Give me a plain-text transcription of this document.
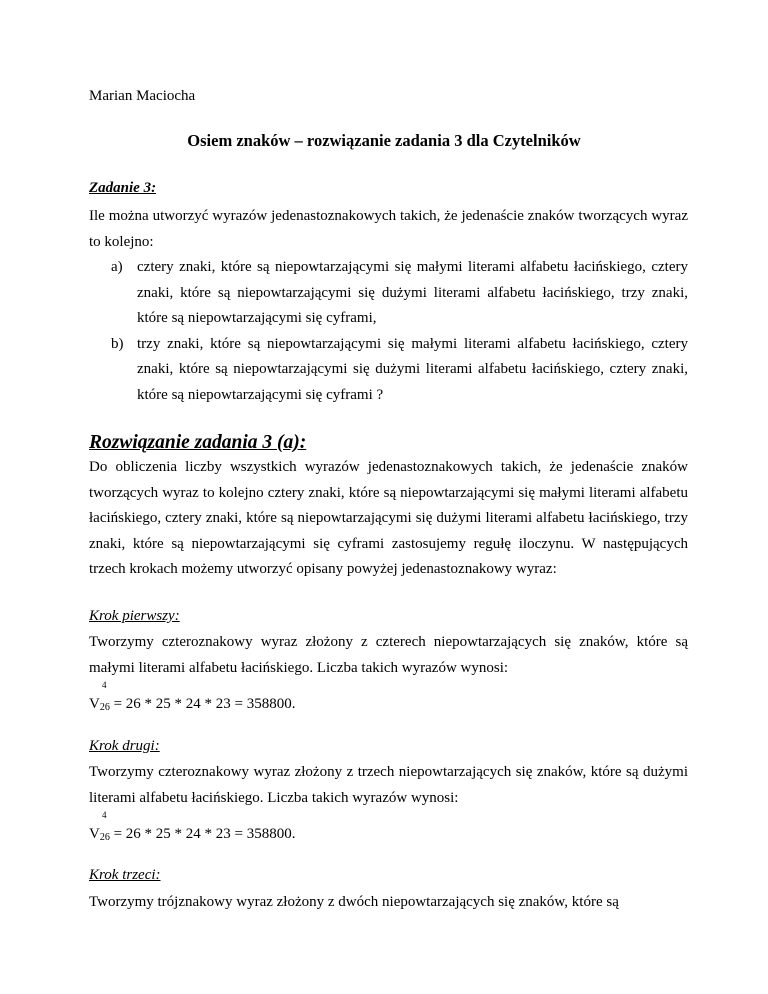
Marian Maciocha
Osiem znaków – rozwiązanie zadania 3 dla Czytelników
Zadanie 3:

Ile można utworzyć wyrazów jedenastoznakowych takich, że jedenaście znaków tworzących wyraz to kolejno:

a) cztery znaki, które są niepowtarzającymi się małymi literami alfabetu łacińskiego, cztery znaki, które są niepowtarzającymi się dużymi literami alfabetu łacińskiego, trzy znaki, które są niepowtarzającymi się cyframi,
b) trzy znaki, które są niepowtarzającymi się małymi literami alfabetu łacińskiego, cztery znaki, które są niepowtarzającymi się dużymi literami alfabetu łacińskiego, cztery znaki, które są niepowtarzającymi się cyframi ?
Rozwiązanie zadania 3 (a):

Do obliczenia liczby wszystkich wyrazów jedenastoznakowych takich, że jedenaście znaków tworzących wyraz to kolejno cztery znaki, które są niepowtarzającymi się małymi literami alfabetu łacińskiego, cztery znaki, które są niepowtarzającymi się dużymi literami alfabetu łacińskiego, trzy znaki, które są niepowtarzającymi się cyframi zastosujemy regułę iloczynu. W następujących trzech krokach możemy utworzyć opisany powyżej jedenastoznakowy wyraz:

Krok pierwszy:

Tworzymy czteroznakowy wyraz złożony z czterech niepowtarzających się znaków, które są małymi literami alfabetu łacińskiego. Liczba takich wyrazów wynosi:

4
V26 = 26 * 25 * 24 * 23 = 358800.
Krok drugi:

Tworzymy czteroznakowy wyraz złożony z trzech niepowtarzających się znaków, które są dużymi literami alfabetu łacińskiego. Liczba takich wyrazów wynosi:

4
V26 = 26 * 25 * 24 * 23 = 358800.
Krok trzeci:

Tworzymy trójznakowy wyraz złożony z dwóch niepowtarzających się znaków, które są
